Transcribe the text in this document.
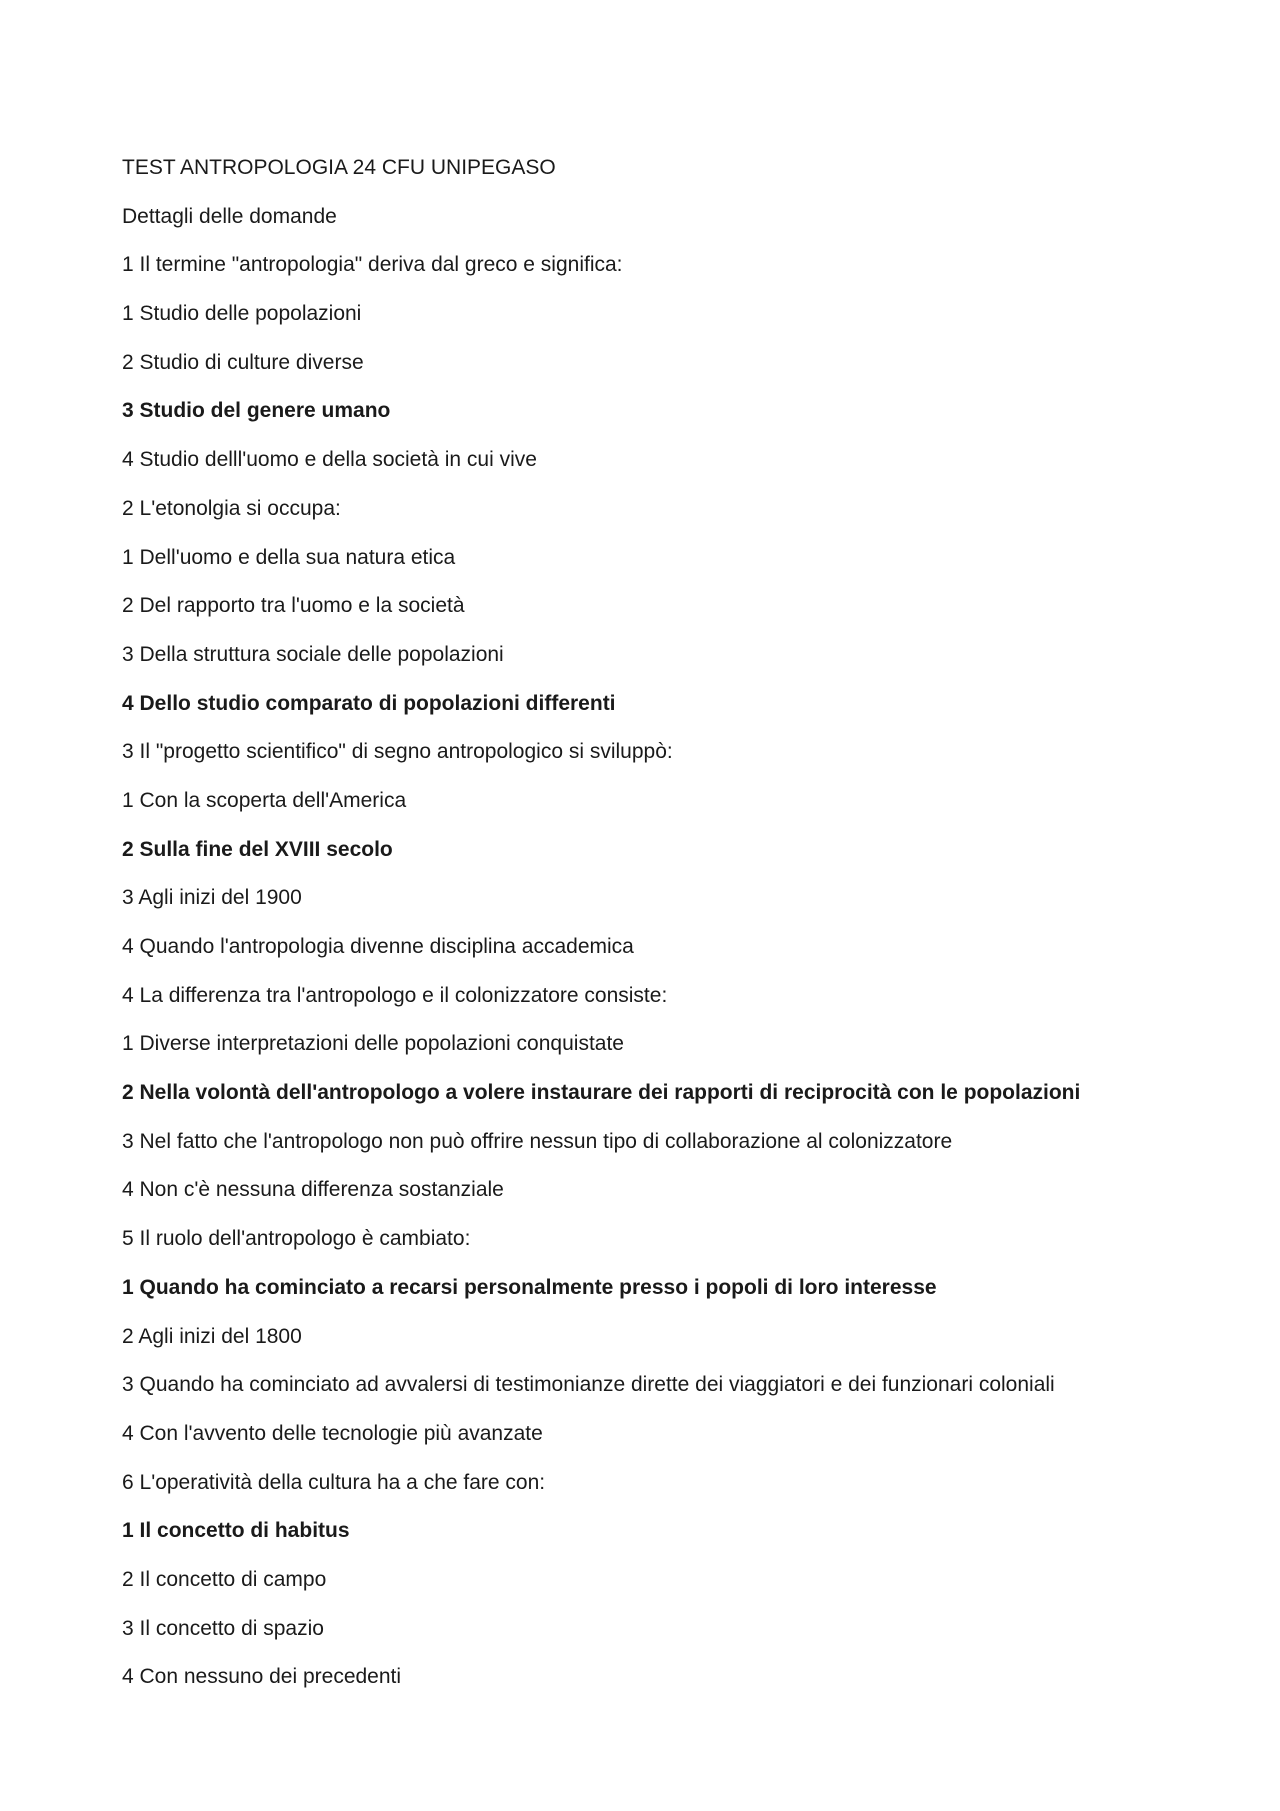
TEST ANTROPOLOGIA 24 CFU UNIPEGASO
Dettagli delle domande
1 Il termine "antropologia" deriva dal greco e significa:
1 Studio delle popolazioni
2 Studio di culture diverse
3 Studio del genere umano
4 Studio delll'uomo e della società in cui vive
2 L'etonolgia si occupa:
1 Dell'uomo e della sua natura etica
2 Del rapporto tra l'uomo e la società
3 Della struttura sociale delle popolazioni
4 Dello studio comparato di popolazioni differenti
3 Il "progetto scientifico" di segno antropologico si sviluppò:
1 Con la scoperta dell'America
2 Sulla fine del XVIII secolo
3 Agli inizi del 1900
4 Quando l'antropologia divenne disciplina accademica
4 La differenza tra l'antropologo e il colonizzatore consiste:
1 Diverse interpretazioni delle popolazioni conquistate
2 Nella volontà dell'antropologo a volere instaurare dei rapporti di reciprocità con le popolazioni
3 Nel fatto che l'antropologo non può offrire nessun tipo di collaborazione al colonizzatore
4 Non c'è nessuna differenza sostanziale
5 Il ruolo dell'antropologo è cambiato:
1 Quando ha cominciato a recarsi personalmente presso i popoli di loro interesse
2 Agli inizi del 1800
3 Quando ha cominciato ad avvalersi di testimonianze dirette dei viaggiatori e dei funzionari coloniali
4 Con l'avvento delle tecnologie più avanzate
6 L'operatività della cultura ha a che fare con:
1 Il concetto di habitus
2 Il concetto di campo
3 Il concetto di spazio
4 Con nessuno dei precedenti
